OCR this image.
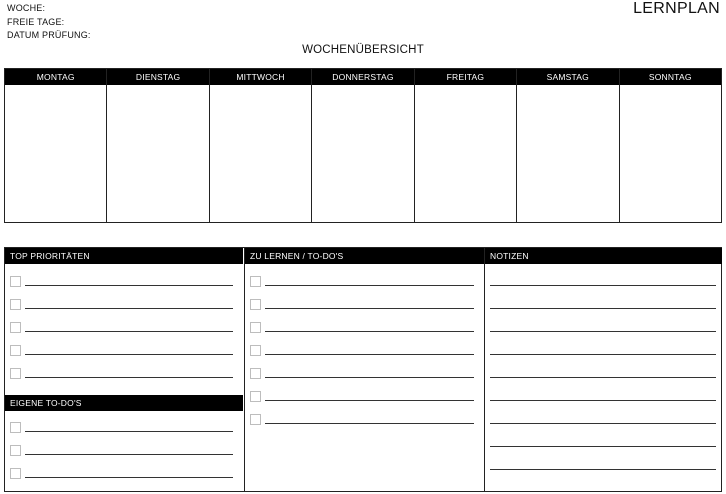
WOCHE:
FREIE TAGE:
DATUM PRÜFUNG:
LERNPLAN
WOCHENÜBERSICHT
MONTAG	DIENSTAG	MITTWOCH	DONNERSTAG	FREITAG	SAMSTAG	SONNTAG
TOP PRIORITÄTEN
EIGENE TO-DO'S
ZU LERNEN / TO-DO'S	NOTIZEN
